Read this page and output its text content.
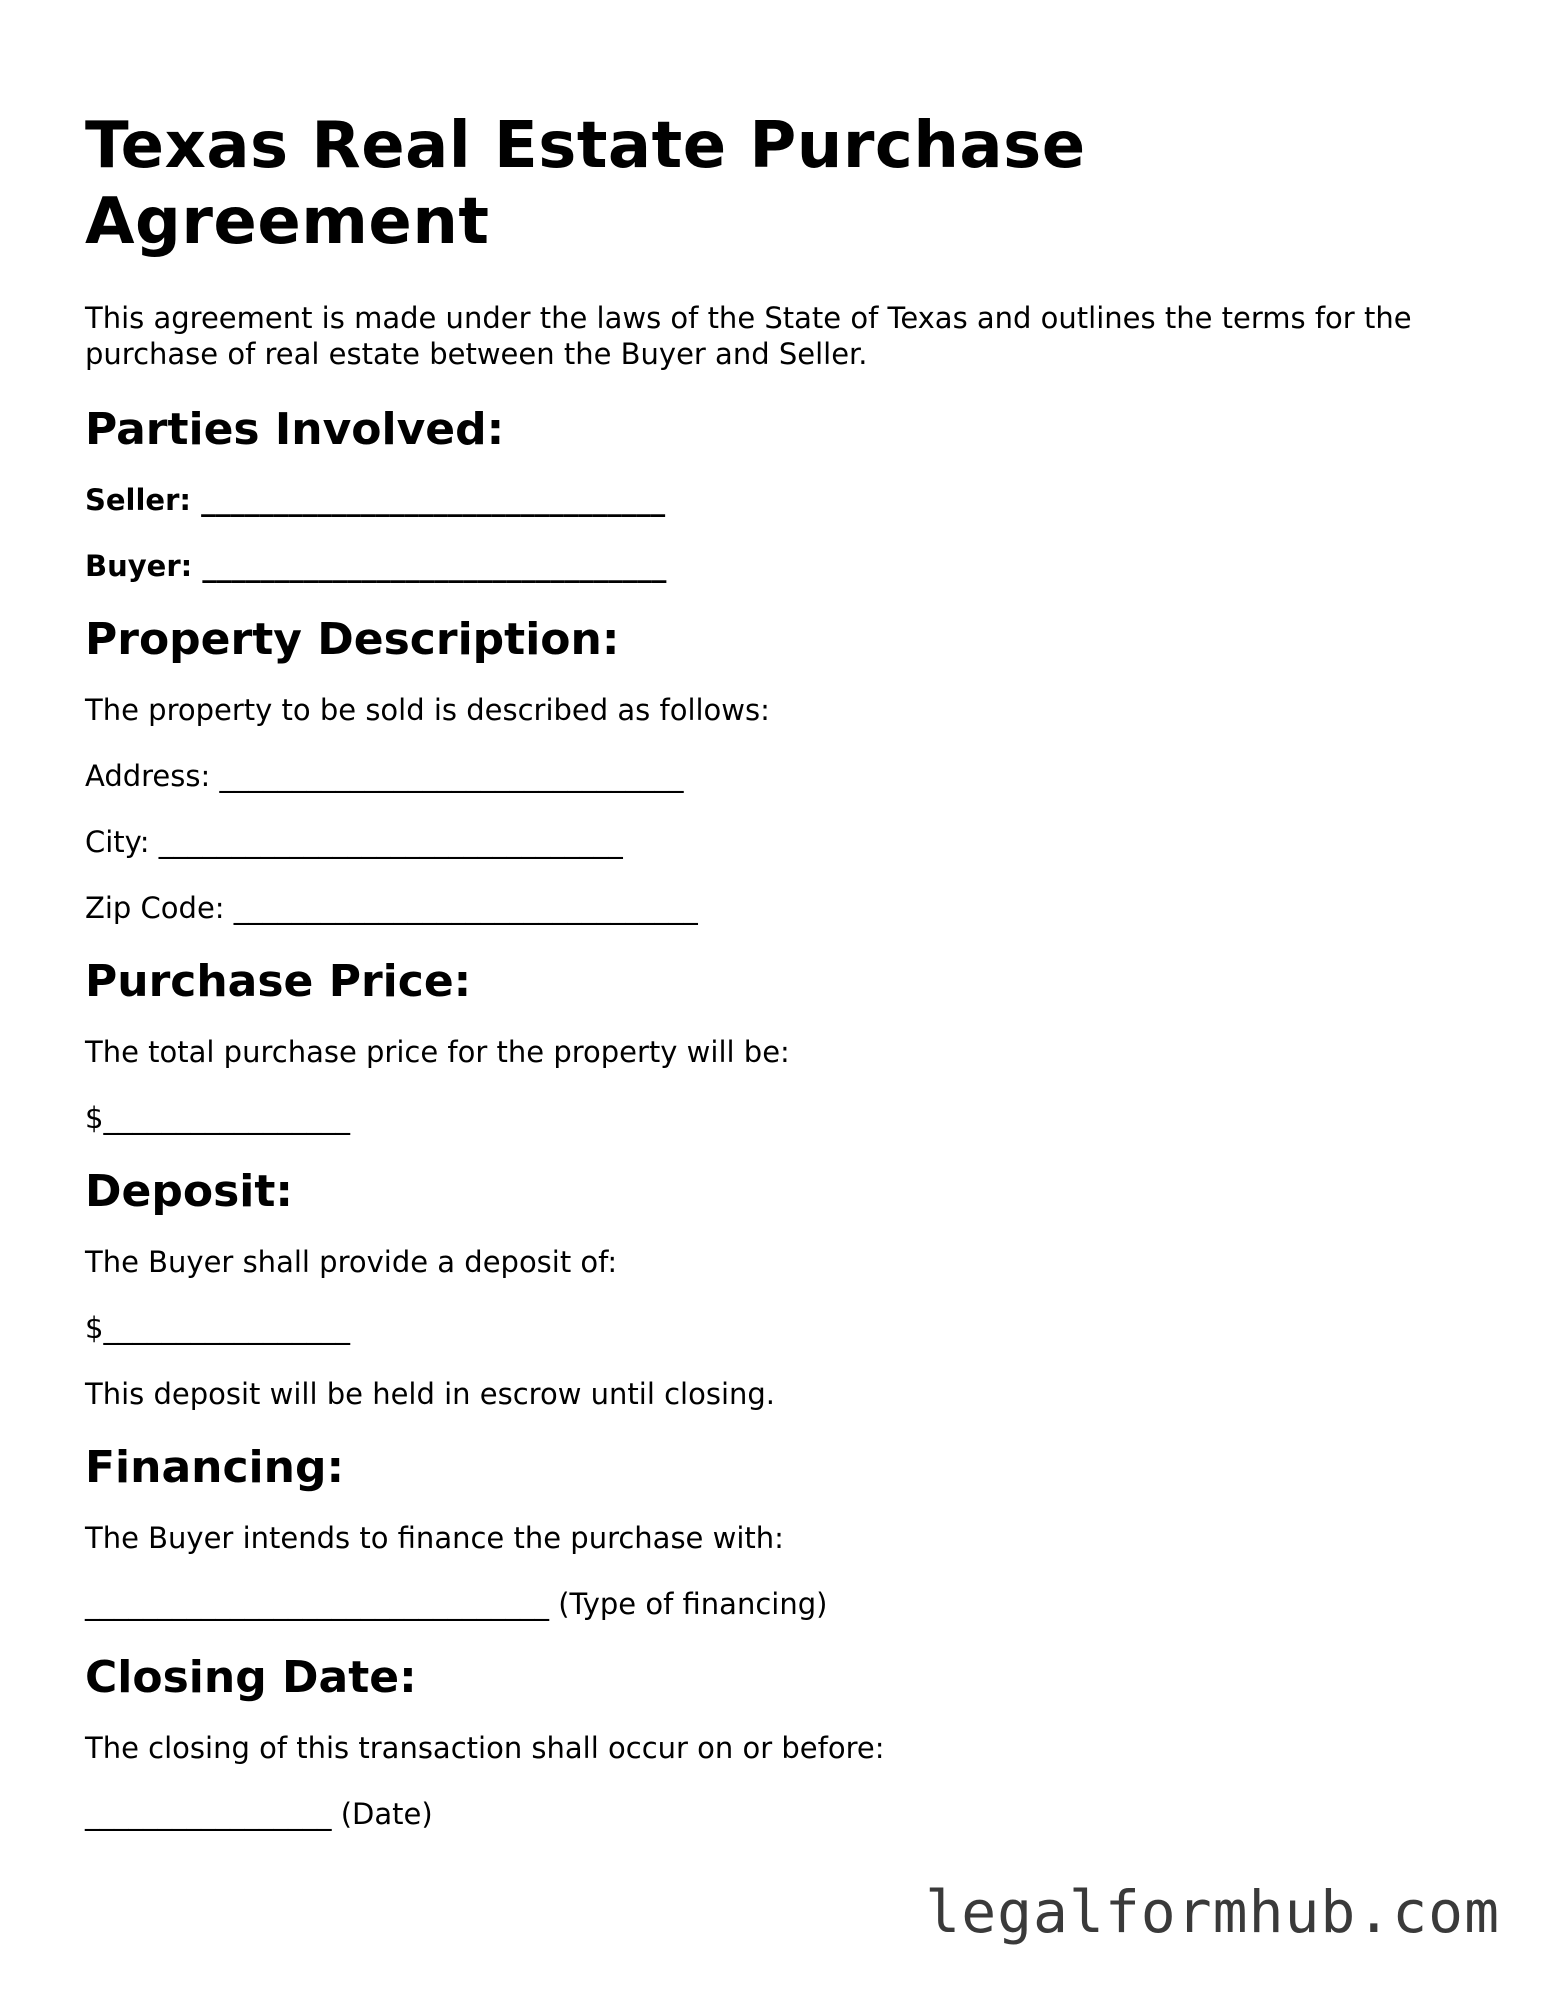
Texas Real Estate Purchase Agreement

This agreement is made under the laws of the State of Texas and outlines the terms for the purchase of real estate between the Buyer and Seller.

Parties Involved:
Seller: ________________________________
Buyer: ________________________________
Property Description:
The property to be sold is described as follows:
Address: ________________________________
City: ________________________________
Zip Code: ________________________________
Purchase Price:
The total purchase price for the property will be:
$_________________
Deposit:
The Buyer shall provide a deposit of:
$_________________
This deposit will be held in escrow until closing.
Financing:
The Buyer intends to finance the purchase with:
________________________________ (Type of financing)
Closing Date:
The closing of this transaction shall occur on or before:
_________________ (Date)
legalformhub.com
